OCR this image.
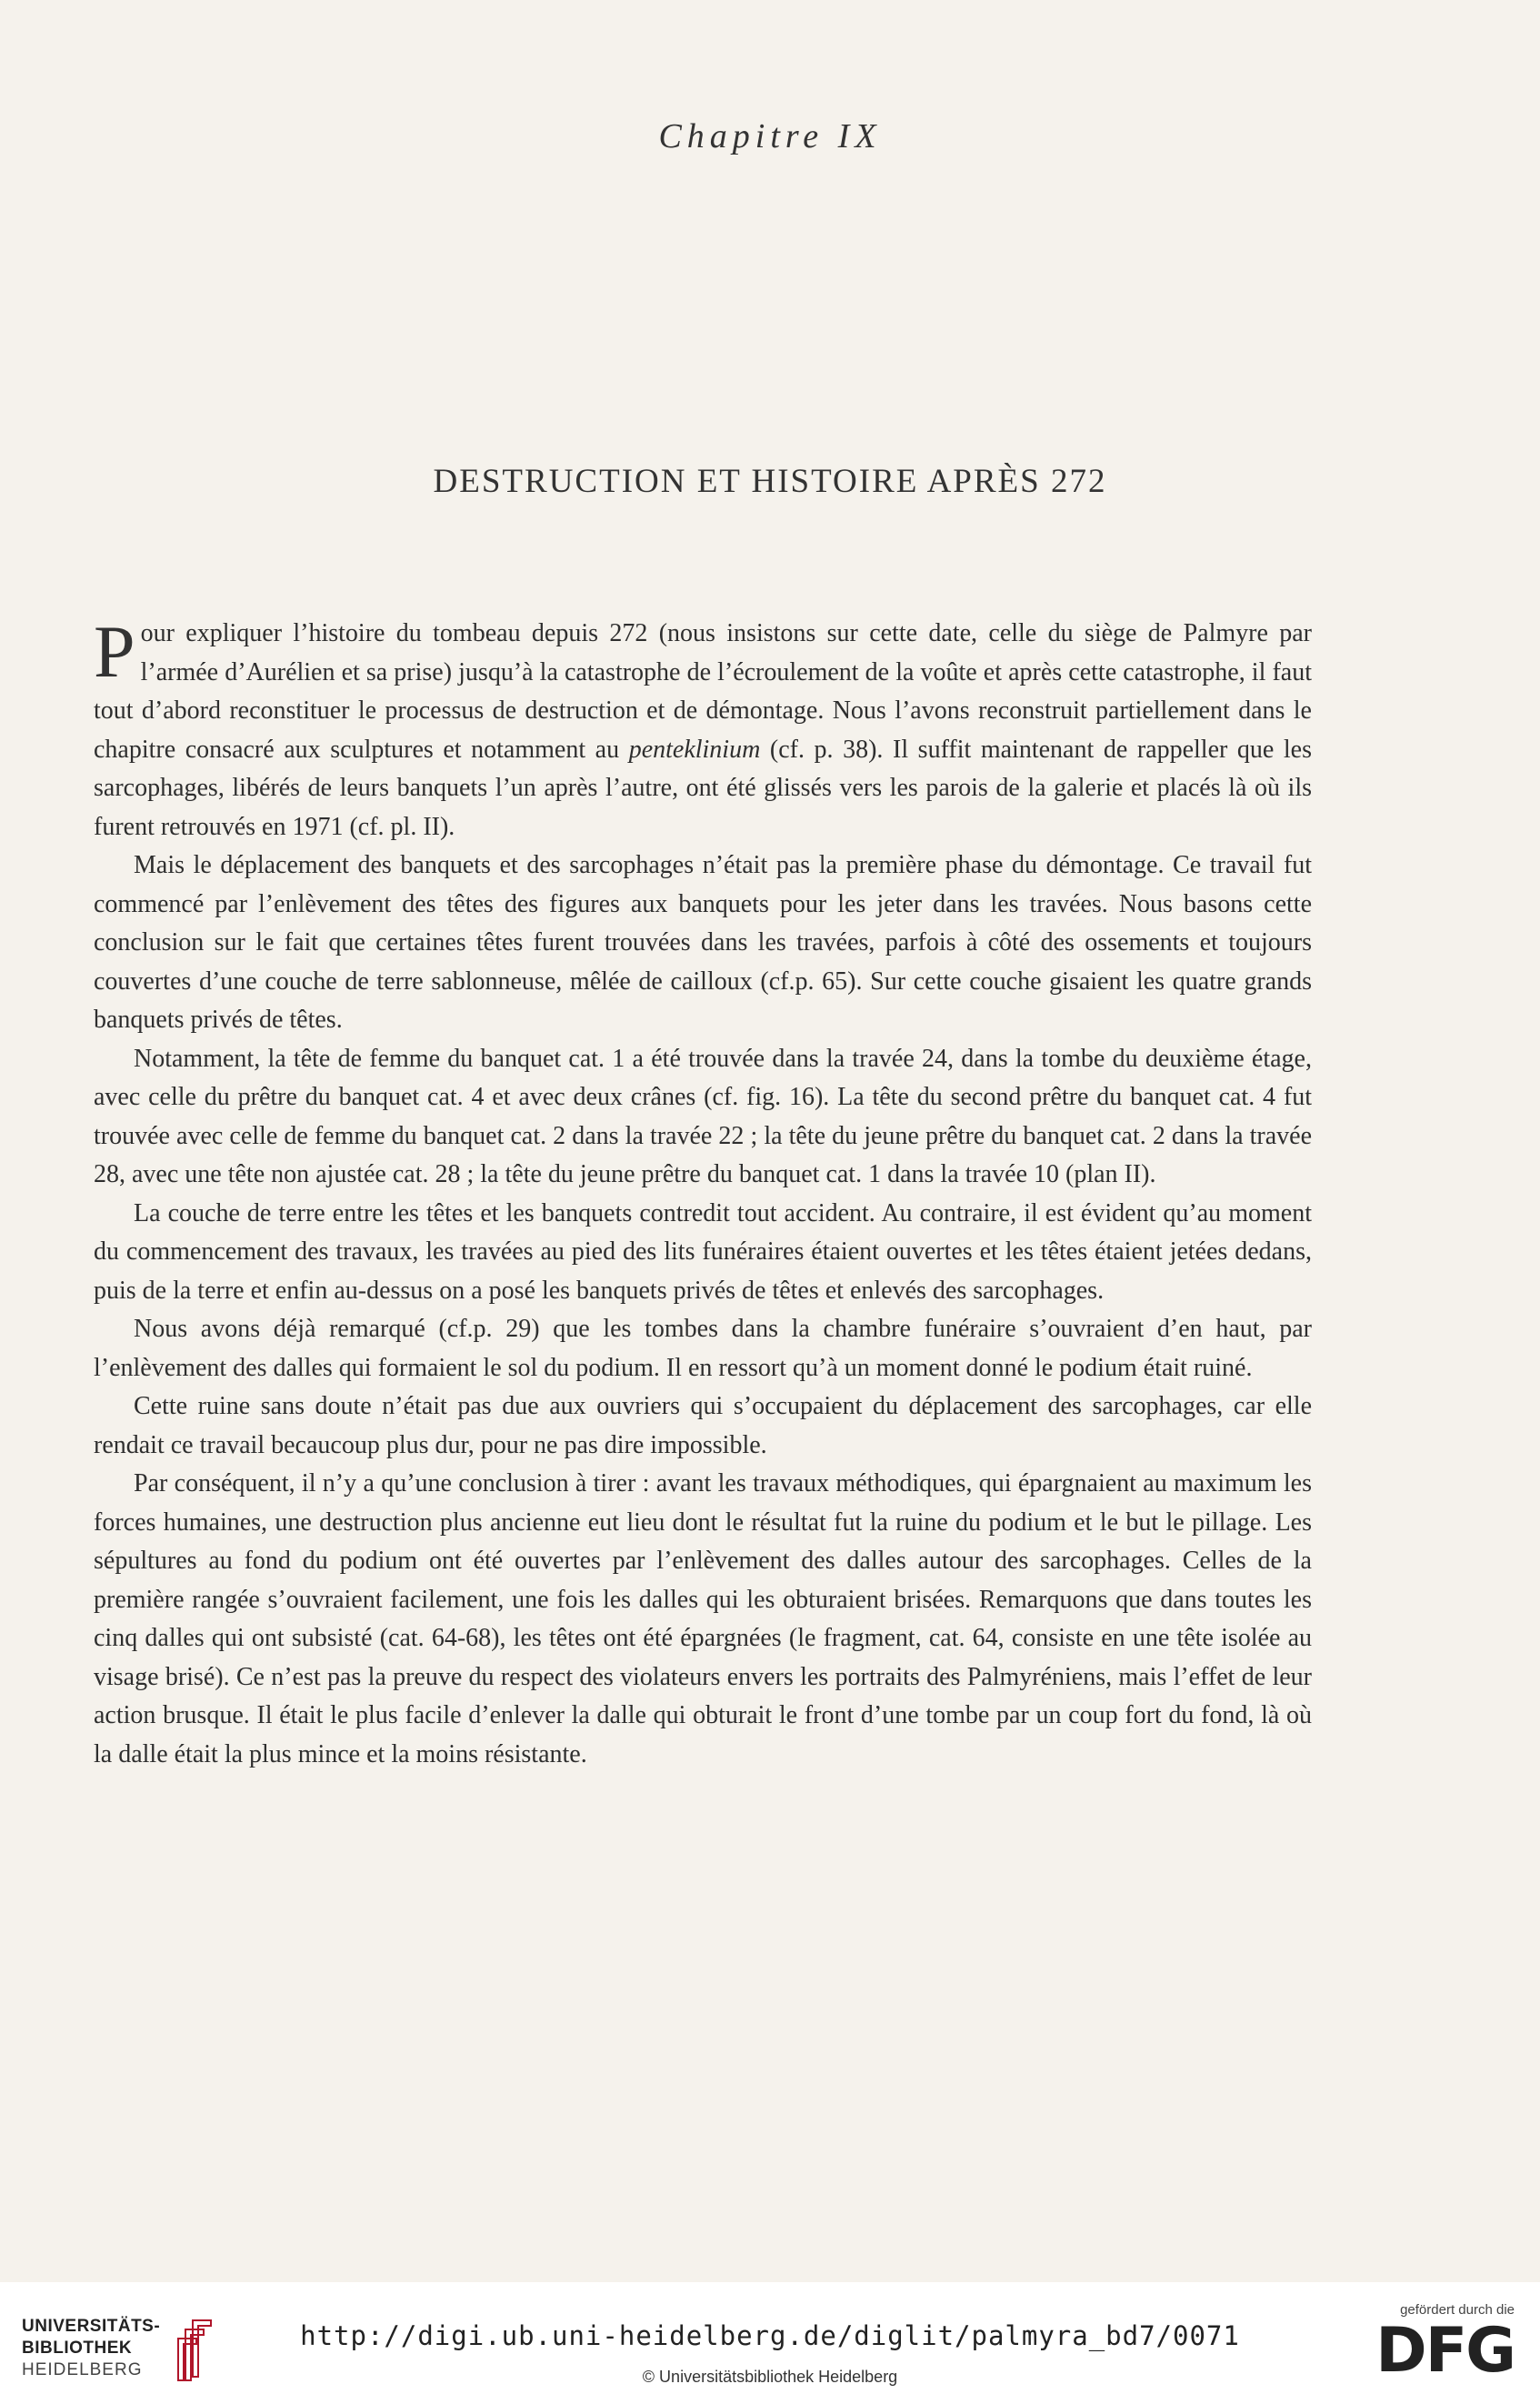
Chapitre IX
DESTRUCTION ET HISTOIRE APRÈS 272

Pour expliquer l’histoire du tombeau depuis 272 (nous insistons sur cette date, celle du siège de Palmyre par l’armée d’Aurélien et sa prise) jusqu’à la catastrophe de l’écroulement de la voûte et après cette catastrophe, il faut tout d’abord reconstituer le processus de destruction et de démontage. Nous l’avons reconstruit partiellement dans le chapitre consacré aux sculptures et notamment au penteklinium (cf. p. 38). Il suffit maintenant de rappeller que les sarcophages, libérés de leurs banquets l’un après l’autre, ont été glissés vers les parois de la galerie et placés là où ils furent retrouvés en 1971 (cf. pl. II).

Mais le déplacement des banquets et des sarcophages n’était pas la première phase du démontage. Ce travail fut commencé par l’enlèvement des têtes des figures aux banquets pour les jeter dans les travées. Nous basons cette conclusion sur le fait que certaines têtes furent trouvées dans les travées, parfois à côté des ossements et toujours couvertes d’une couche de terre sablonneuse, mêlée de cailloux (cf.p. 65). Sur cette couche gisaient les quatre grands banquets privés de têtes.

Notamment, la tête de femme du banquet cat. 1 a été trouvée dans la travée 24, dans la tombe du deuxième étage, avec celle du prêtre du banquet cat. 4 et avec deux crânes (cf. fig. 16). La tête du second prêtre du banquet cat. 4 fut trouvée avec celle de femme du banquet cat. 2 dans la travée 22 ; la tête du jeune prêtre du banquet cat. 2 dans la travée 28, avec une tête non ajustée cat. 28 ; la tête du jeune prêtre du banquet cat. 1 dans la travée 10 (plan II).

La couche de terre entre les têtes et les banquets contredit tout accident. Au contraire, il est évident qu’au moment du commencement des travaux, les travées au pied des lits funéraires étaient ouvertes et les têtes étaient jetées dedans, puis de la terre et enfin au-dessus on a posé les banquets privés de têtes et enlevés des sarcophages.

Nous avons déjà remarqué (cf.p. 29) que les tombes dans la chambre funéraire s’ouvraient d’en haut, par l’enlèvement des dalles qui formaient le sol du podium. Il en ressort qu’à un moment donné le podium était ruiné.

Cette ruine sans doute n’était pas due aux ouvriers qui s’occupaient du déplacement des sarcophages, car elle rendait ce travail becaucoup plus dur, pour ne pas dire impossible.

Par conséquent, il n’y a qu’une conclusion à tirer : avant les travaux méthodiques, qui épargnaient au maximum les forces humaines, une destruction plus ancienne eut lieu dont le résultat fut la ruine du podium et le but le pillage. Les sépultures au fond du podium ont été ouvertes par l’enlèvement des dalles autour des sarcophages. Celles de la première rangée s’ouvraient facilement, une fois les dalles qui les obturaient brisées. Remarquons que dans toutes les cinq dalles qui ont subsisté (cat. 64-68), les têtes ont été épargnées (le fragment, cat. 64, consiste en une tête isolée au visage brisé). Ce n’est pas la preuve du respect des violateurs envers les portraits des Palmyréniens, mais l’effet de leur action brusque. Il était le plus facile d’enlever la dalle qui obturait le front d’une tombe par un coup fort du fond, là où la dalle était la plus mince et la moins résistante.

UNIVERSITÄTS-
BIBLIOTHEK
HEIDELBERG
http://digi.ub.uni-heidelberg.de/diglit/palmyra_bd7/0071
© Universitätsbibliothek Heidelberg
gefördert durch die
DFG
